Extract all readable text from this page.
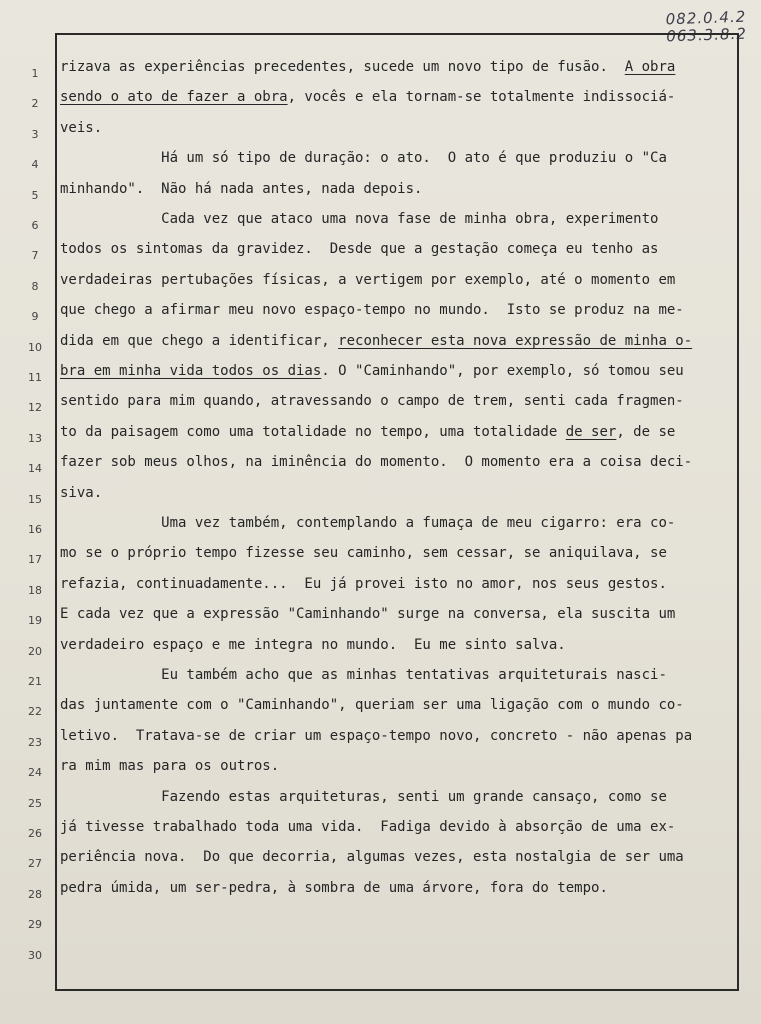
082.0.4.2
063.3.8.2
1	rizava as experiências precedentes, sucede um novo tipo de fusão.  A obra
2	sendo o ato de fazer a obra, vocês e ela tornam-se totalmente indissociá-
3	veis.
4	Há um só tipo de duração: o ato.  O ato é que produziu o "Ca
5	minhando".  Não há nada antes, nada depois.
6	Cada vez que ataco uma nova fase de minha obra, experimento
7	todos os sintomas da gravidez.  Desde que a gestação começa eu tenho as
8	verdadeiras pertubações físicas, a vertigem por exemplo, até o momento em
9	que chego a afirmar meu novo espaço-tempo no mundo.  Isto se produz na me-
10	dida em que chego a identificar, reconhecer esta nova expressão de minha o-
11	bra em minha vida todos os dias. O "Caminhando", por exemplo, só tomou seu
12	sentido para mim quando, atravessando o campo de trem, senti cada fragmen-
13	to da paisagem como uma totalidade no tempo, uma totalidade de ser, de se
14	fazer sob meus olhos, na iminência do momento.  O momento era a coisa deci-
15	siva.
16	Uma vez também, contemplando a fumaça de meu cigarro: era co-
17	mo se o próprio tempo fizesse seu caminho, sem cessar, se aniquilava, se
18	refazia, continuadamente...  Eu já provei isto no amor, nos seus gestos.
19	E cada vez que a expressão "Caminhando" surge na conversa, ela suscita um
20	verdadeiro espaço e me integra no mundo.  Eu me sinto salva.
21	Eu também acho que as minhas tentativas arquiteturais nasci-
22	das juntamente com o "Caminhando", queriam ser uma ligação com o mundo co-
23	letivo.  Tratava-se de criar um espaço-tempo novo, concreto - não apenas pa
24	ra mim mas para os outros.
25	Fazendo estas arquiteturas, senti um grande cansaço, como se
26	já tivesse trabalhado toda uma vida.  Fadiga devido à absorção de uma ex-
27	periência nova.  Do que decorria, algumas vezes, esta nostalgia de ser uma
28	pedra úmida, um ser-pedra, à sombra de uma árvore, fora do tempo.
29
30
